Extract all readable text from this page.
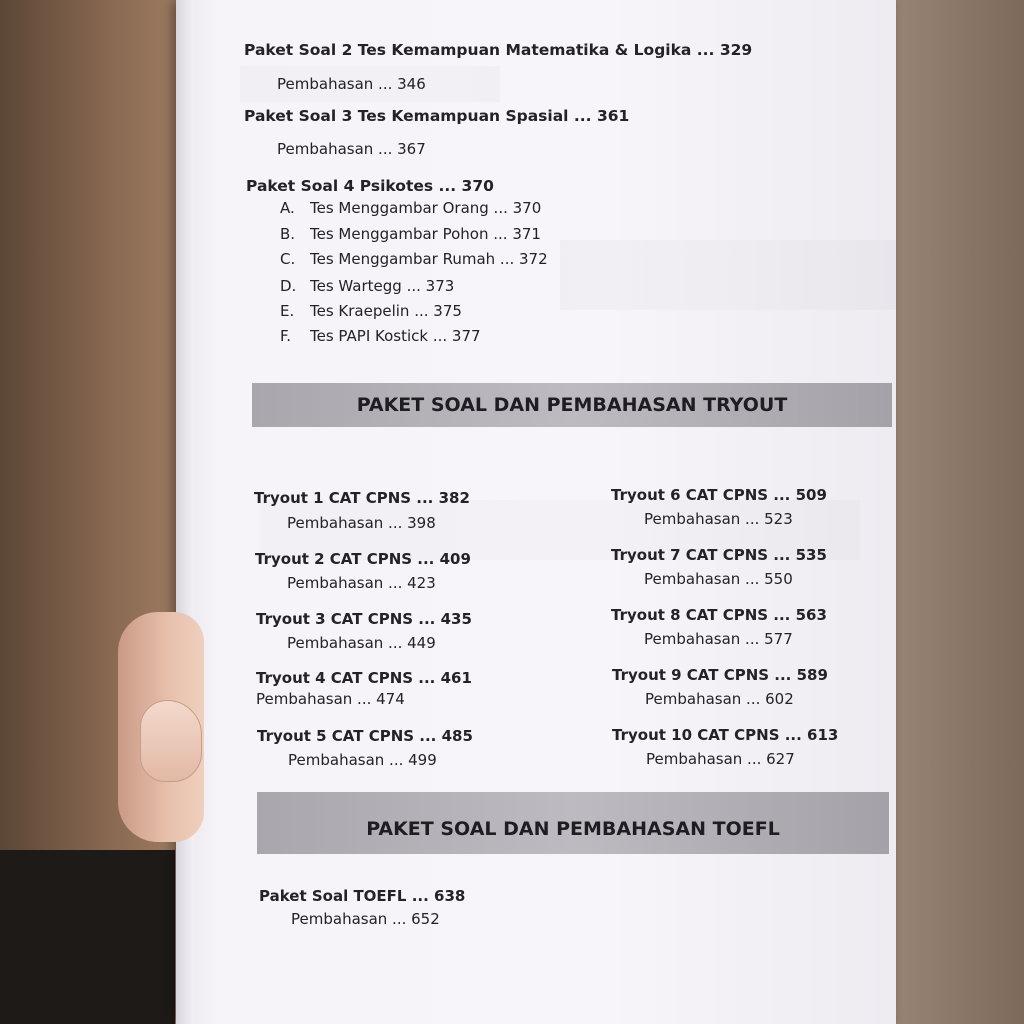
Paket Soal 2 Tes Kemampuan Matematika & Logika ... 329
Pembahasan ... 346
Paket Soal 3 Tes Kemampuan Spasial ... 361
Pembahasan ... 367
Paket Soal 4 Psikotes ... 370
A. Tes Menggambar Orang ... 370
B. Tes Menggambar Pohon ... 371
C. Tes Menggambar Rumah ... 372
D. Tes Wartegg ... 373
E. Tes Kraepelin ... 375
F. Tes PAPI Kostick ... 377
PAKET SOAL DAN PEMBAHASAN TRYOUT
Tryout 1 CAT CPNS ... 382
Pembahasan ... 398
Tryout 2 CAT CPNS ... 409
Pembahasan ... 423
Tryout 3 CAT CPNS ... 435
Pembahasan ... 449
Tryout 4 CAT CPNS ... 461
Pembahasan ... 474
Tryout 5 CAT CPNS ... 485
Pembahasan ... 499
Tryout 6 CAT CPNS ... 509
Pembahasan ... 523
Tryout 7 CAT CPNS ... 535
Pembahasan ... 550
Tryout 8 CAT CPNS ... 563
Pembahasan ... 577
Tryout 9 CAT CPNS ... 589
Pembahasan ... 602
Tryout 10 CAT CPNS ... 613
Pembahasan ... 627
PAKET SOAL DAN PEMBAHASAN TOEFL
Paket Soal TOEFL ... 638
Pembahasan ... 652
